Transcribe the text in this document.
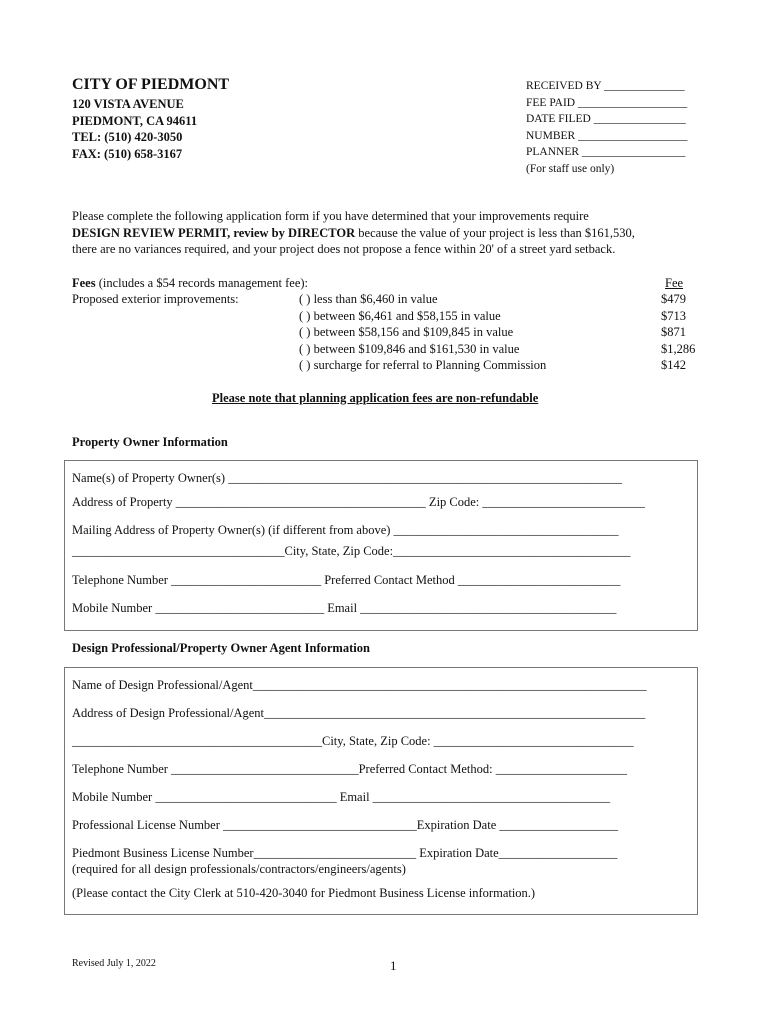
CITY OF PIEDMONT
120 VISTA AVENUE
PIEDMONT, CA 94611
TEL: (510) 420-3050
FAX: (510) 658-3167
RECEIVED BY ______________
FEE PAID ___________________
DATE FILED ________________
NUMBER ___________________
PLANNER __________________
(For staff use only)
Please complete the following application form if you have determined that your improvements require
DESIGN REVIEW PERMIT, review by DIRECTOR because the value of your project is less than $161,530,
there are no variances required, and your project does not propose a fence within 20' of a street yard setback.
Fees (includes a $54 records management fee):
Proposed exterior improvements:
Fee
( ) less than $6,460 in value
( ) between $6,461 and $58,155 in value
( ) between $58,156 and $109,845 in value
( ) between $109,846 and $161,530 in value
( ) surcharge for referral to Planning Commission
$479
$713
$871
$1,286
$142
Please note that planning application fees are non-refundable
Property Owner Information
Name(s) of Property Owner(s) _______________________________________________________________
Address of Property ________________________________________ Zip Code: __________________________
Mailing Address of Property Owner(s) (if different from above) ____________________________________
__________________________________City, State, Zip Code:______________________________________
Telephone Number ________________________ Preferred Contact Method __________________________
Mobile Number ___________________________ Email _________________________________________
Design Professional/Property Owner Agent Information
Name of Design Professional/Agent_______________________________________________________________
Address of Design Professional/Agent_____________________________________________________________
________________________________________City, State, Zip Code: ________________________________
Telephone Number ______________________________Preferred Contact Method: _____________________
Mobile Number _____________________________ Email ______________________________________
Professional License Number _______________________________Expiration Date ___________________
Piedmont Business License Number__________________________ Expiration Date___________________
(required for all design professionals/contractors/engineers/agents)
(Please contact the City Clerk at 510-420-3040 for Piedmont Business License information.)
Revised July 1, 2022	1
